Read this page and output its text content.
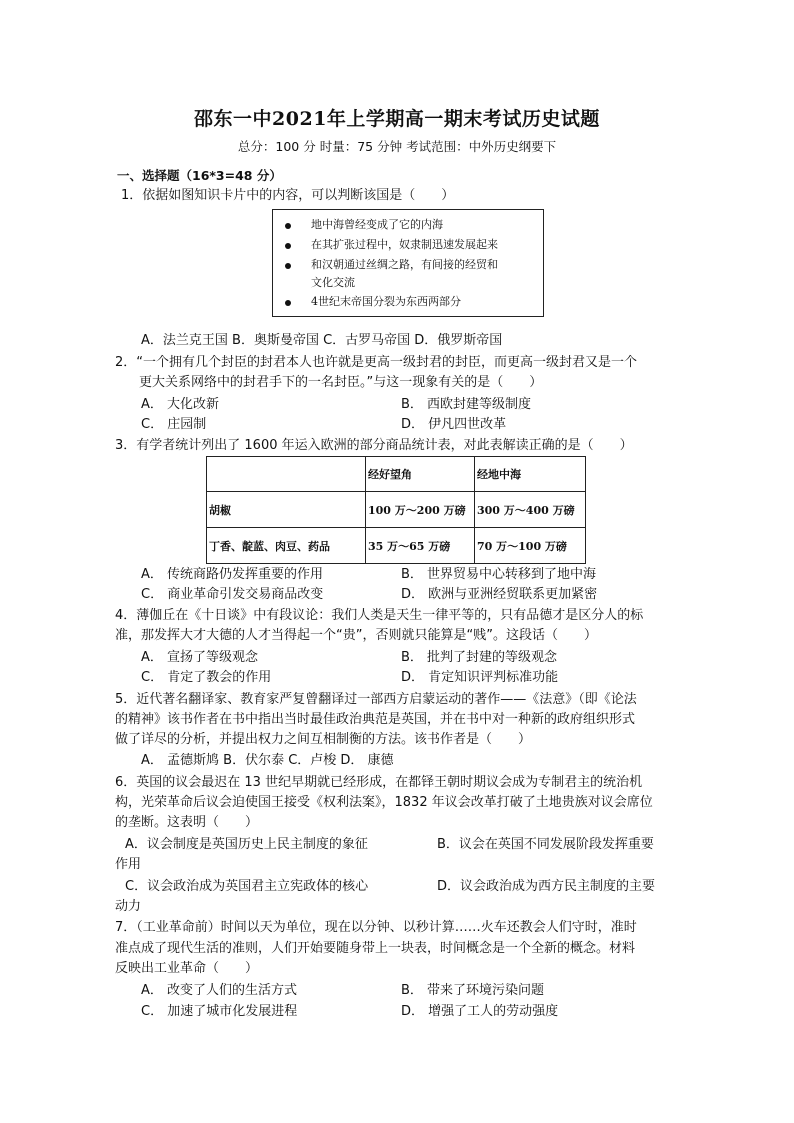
邵东一中2021年上学期高一期末考试历史试题
总分：100 分 时量：75 分钟 考试范围：中外历史纲要下
一、选择题（16*3=48 分）
1．依据如图知识卡片中的内容，可以判断该国是（　　）
地中海曾经变成了它的内海
在其扩张过程中，奴隶制迅速发展起来
和汉朝通过丝绸之路，有间接的经贸和
文化交流
4世纪末帝国分裂为东西两部分
A．法兰克王国 B．奥斯曼帝国 C．古罗马帝国 D．俄罗斯帝国
2．“一个拥有几个封臣的封君本人也许就是更高一级封君的封臣，而更高一级封君又是一个
更大关系网络中的封君手下的一名封臣。”与这一现象有关的是（　　）
A． 大化改新	B． 西欧封建等级制度
C． 庄园制	D． 伊凡四世改革
3．有学者统计列出了 1600 年运入欧洲的部分商品统计表，对此表解读正确的是（　　）
	经好望角	经地中海
胡椒	100 万～200 万磅	300 万～400 万磅
丁香、靛蓝、肉豆、药品	35 万～65 万磅	70 万～100 万磅
A． 传统商路仍发挥重要的作用	B． 世界贸易中心转移到了地中海
C． 商业革命引发交易商品改变	D． 欧洲与亚洲经贸联系更加紧密
4．薄伽丘在《十日谈》中有段议论：我们人类是天生一律平等的，只有品德才是区分人的标
准，那发挥大才大德的人才当得起一个“贵”，否则就只能算是“贱”。这段话（　　）
A． 宣扬了等级观念	B． 批判了封建的等级观念
C． 肯定了教会的作用	D． 肯定知识评判标准功能
5．近代著名翻译家、教育家严复曾翻译过一部西方启蒙运动的著作——《法意》（即《论法
的精神》该书作者在书中指出当时最佳政治典范是英国，并在书中对一种新的政府组织形式
做了详尽的分析，并提出权力之间互相制衡的方法。该书作者是（　　）
A． 孟德斯鸠 B．伏尔泰 C．卢梭 D． 康德
6．英国的议会最迟在 13 世纪早期就已经形成，在都铎王朝时期议会成为专制君主的统治机
构，光荣革命后议会迫使国王接受《权利法案》，1832 年议会改革打破了土地贵族对议会席位
的垄断。这表明（　　）
A．议会制度是英国历史上民主制度的象征	B．议会在英国不同发展阶段发挥重要
作用
C．议会政治成为英国君主立宪政体的核心	D．议会政治成为西方民主制度的主要
动力
7．（工业革命前）时间以天为单位，现在以分钟、以秒计算……火车还教会人们守时，准时
准点成了现代生活的准则，人们开始要随身带上一块表，时间概念是一个全新的概念。材料
反映出工业革命（　　）
A． 改变了人们的生活方式	B． 带来了环境污染问题
C． 加速了城市化发展进程	D． 增强了工人的劳动强度
